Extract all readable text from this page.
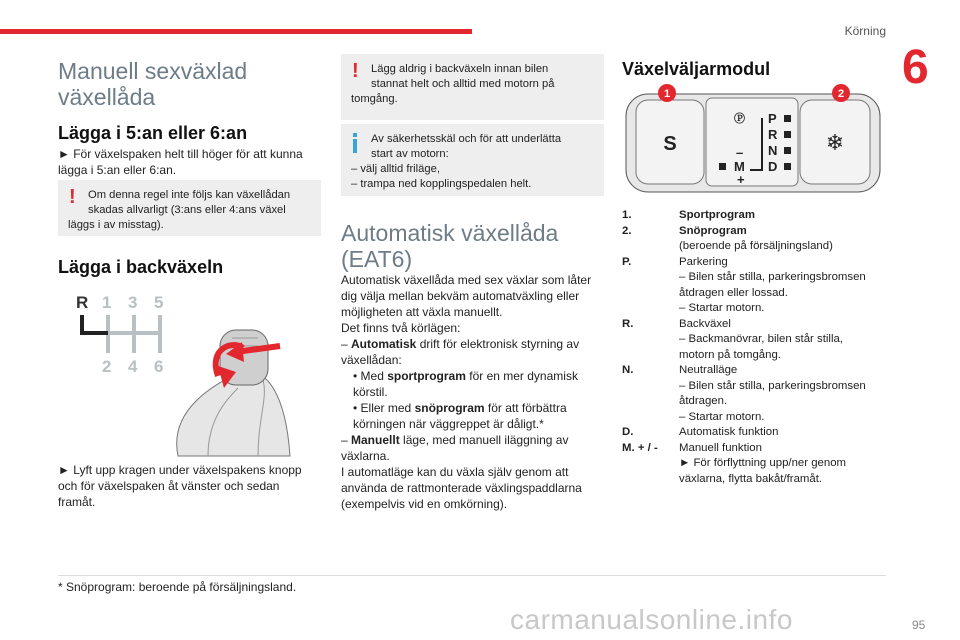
Körning
6
Manuell sexväxlad växellåda
Lägga i 5:an eller 6:an

► För växelspaken helt till höger för att kunna lägga i 5:an eller 6:an.

!	Om denna regel inte följs kan växellådan
skadas allvarligt (3:ans eller 4:ans växel
läggs i av misstag).
Lägga i backväxeln
R 1 3 5
2 4 6

► Lyft upp kragen under växelspakens knopp och för växelspaken åt vänster och sedan framåt.

!	Lägg aldrig i backväxeln innan bilen
stannat helt och alltid med motorn på
tomgång.
Av säkerhetsskäl och för att underlätta
start av motorn:
– välj alltid friläge,
– trampa ned kopplingspedalen helt.
Automatisk växellåda (EAT6)

Automatisk växellåda med sex växlar som låter dig välja mellan bekväm automatväxling eller möjligheten att växla manuellt.

Det finns två körlägen:

– Automatisk drift för elektronisk styrning av växellådan:

• Med sportprogram för en mer dynamisk körstil.

• Eller med snöprogram för att förbättra körningen när väggreppet är dåligt.*

– Manuellt läge, med manuell iläggning av växlarna.

I automatläge kan du växla själv genom att använda de rattmonterade växlingspaddlarna (exempelvis vid en omkörning).

Växelväljarmodul
1	2
S	❄
Ⓟ P
R
N
D
M
–
+
1.	Sportprogram
2.	Snöprogram
(beroende på försäljningsland)
P.	Parkering
– Bilen står stilla, parkeringsbromsen
åtdragen eller lossad.
– Startar motorn.
R.	Backväxel
– Backmanövrar, bilen står stilla,
motorn på tomgång.
N.	Neutralläge
– Bilen står stilla, parkeringsbromsen
åtdragen.
– Startar motorn.
D.	Automatisk funktion
M. + / -	Manuell funktion
► För förflyttning upp/ner genom
växlarna, flytta bakåt/framåt.
* Snöprogram: beroende på försäljningsland.
95
carmanualsonline.info
